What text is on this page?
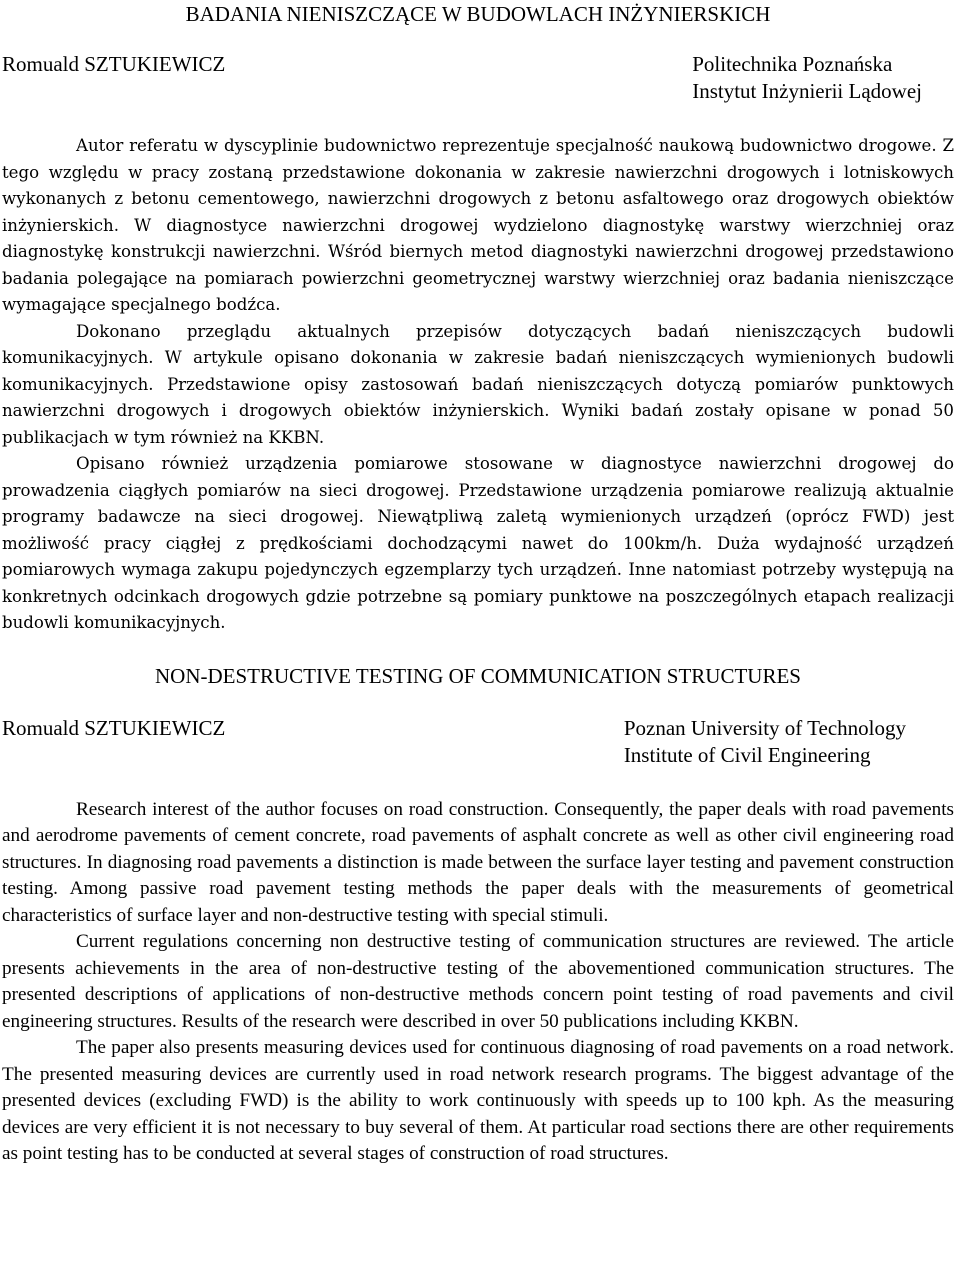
BADANIA NIENISZCZĄCE W BUDOWLACH INŻYNIERSKICH
Romuald SZTUKIEWICZ	Politechnika Poznańska
Instytut Inżynierii Lądowej

Autor referatu w dyscyplinie budownictwo reprezentuje specjalność naukową budownictwo drogowe. Z tego względu w pracy zostaną przedstawione dokonania w zakresie nawierzchni drogowych i lotniskowych wykonanych z betonu cementowego, nawierzchni drogowych z betonu asfaltowego oraz drogowych obiektów inżynierskich. W diagnostyce nawierzchni drogowej wydzielono diagnostykę warstwy wierzchniej oraz diagnostykę konstrukcji nawierzchni. Wśród biernych metod diagnostyki nawierzchni drogowej przedstawiono badania polegające na pomiarach powierzchni geometrycznej warstwy wierzchniej oraz badania nieniszczące wymagające specjalnego bodźca.

Dokonano przeglądu aktualnych przepisów dotyczących badań nieniszczących budowli komunikacyjnych. W artykule opisano dokonania w zakresie badań nieniszczących wymienionych budowli komunikacyjnych. Przedstawione opisy zastosowań badań nieniszczących dotyczą pomiarów punktowych nawierzchni drogowych i drogowych obiektów inżynierskich. Wyniki badań zostały opisane w ponad 50 publikacjach w tym również na KKBN.

Opisano również urządzenia pomiarowe stosowane w diagnostyce nawierzchni drogowej do prowadzenia ciągłych pomiarów na sieci drogowej. Przedstawione urządzenia pomiarowe realizują aktualnie programy badawcze na sieci drogowej. Niewątpliwą zaletą wymienionych urządzeń (oprócz FWD) jest możliwość pracy ciągłej z prędkościami dochodzącymi nawet do 100km/h. Duża wydajność urządzeń pomiarowych wymaga zakupu pojedynczych egzemplarzy tych urządzeń. Inne natomiast potrzeby występują na konkretnych odcinkach drogowych gdzie potrzebne są pomiary punktowe na poszczególnych etapach realizacji budowli komunikacyjnych.

NON-DESTRUCTIVE TESTING OF COMMUNICATION STRUCTURES
Romuald SZTUKIEWICZ	Poznan University of Technology
Institute of Civil Engineering

Research interest of the author focuses on road construction. Consequently, the paper deals with road pavements and aerodrome pavements of cement concrete, road pavements of asphalt concrete as well as other civil engineering road structures. In diagnosing road pavements a distinction is made between the surface layer testing and pavement construction testing. Among passive road pavement testing methods the paper deals with the measurements of geometrical characteristics of surface layer and non-destructive testing with special stimuli.

Current regulations concerning non destructive testing of communication structures are reviewed. The article presents achievements in the area of non-destructive testing of the abovementioned communication structures. The presented descriptions of applications of non-destructive methods concern point testing of road pavements and civil engineering structures. Results of the research were described in over 50 publications including KKBN.

The paper also presents measuring devices used for continuous diagnosing of road pavements on a road network. The presented measuring devices are currently used in road network research programs. The biggest advantage of the presented devices (excluding FWD) is the ability to work continuously with speeds up to 100 kph. As the measuring devices are very efficient it is not necessary to buy several of them. At particular road sections there are other requirements as point testing has to be conducted at several stages of construction of road structures.
